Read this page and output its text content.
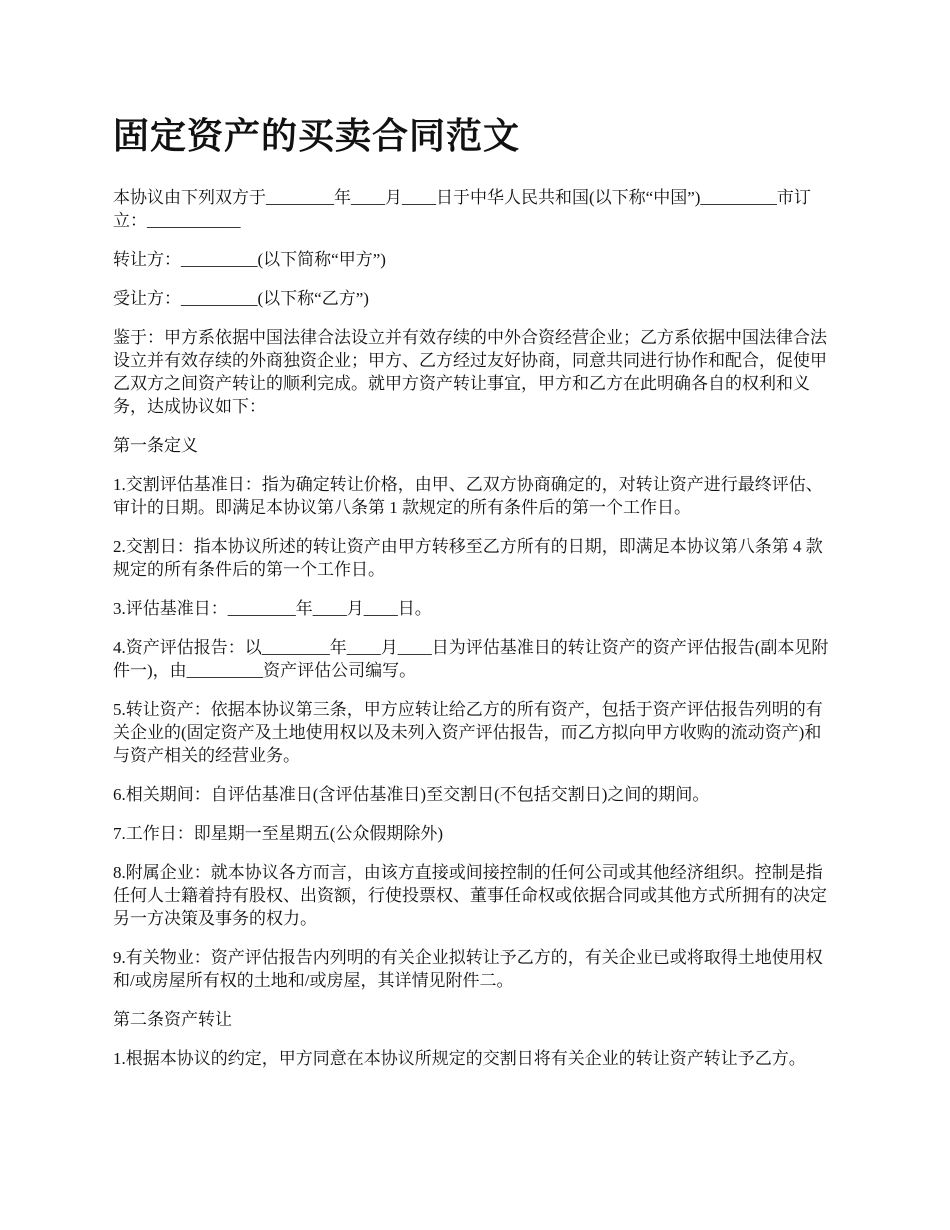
固定资产的买卖合同范文

本协议由下列双方于________年____月____日于中华人民共和国(以下称“中国”)_________市订立：___________

转让方：_________(以下简称“甲方”)

受让方：_________(以下称“乙方”)

鉴于：甲方系依据中国法律合法设立并有效存续的中外合资经营企业；乙方系依据中国法律合法设立并有效存续的外商独资企业；甲方、乙方经过友好协商，同意共同进行协作和配合，促使甲乙双方之间资产转让的顺利完成。就甲方资产转让事宜，甲方和乙方在此明确各自的权利和义务，达成协议如下：

第一条定义

1.交割评估基准日：指为确定转让价格，由甲、乙双方协商确定的，对转让资产进行最终评估、审计的日期。即满足本协议第八条第 1 款规定的所有条件后的第一个工作日。

2.交割日：指本协议所述的转让资产由甲方转移至乙方所有的日期，即满足本协议第八条第 4 款规定的所有条件后的第一个工作日。

3.评估基准日：________年____月____日。

4.资产评估报告：以________年____月____日为评估基准日的转让资产的资产评估报告(副本见附件一)，由_________资产评估公司编写。

5.转让资产：依据本协议第三条，甲方应转让给乙方的所有资产，包括于资产评估报告列明的有关企业的(固定资产及土地使用权以及未列入资产评估报告，而乙方拟向甲方收购的流动资产)和与资产相关的经营业务。

6.相关期间：自评估基准日(含评估基准日)至交割日(不包括交割日)之间的期间。

7.工作日：即星期一至星期五(公众假期除外)

8.附属企业：就本协议各方而言，由该方直接或间接控制的任何公司或其他经济组织。控制是指任何人士籍着持有股权、出资额，行使投票权、董事任命权或依据合同或其他方式所拥有的决定另一方决策及事务的权力。

9.有关物业：资产评估报告内列明的有关企业拟转让予乙方的，有关企业已或将取得土地使用权和/或房屋所有权的土地和/或房屋，其详情见附件二。

第二条资产转让

1.根据本协议的约定，甲方同意在本协议所规定的交割日将有关企业的转让资产转让予乙方。
